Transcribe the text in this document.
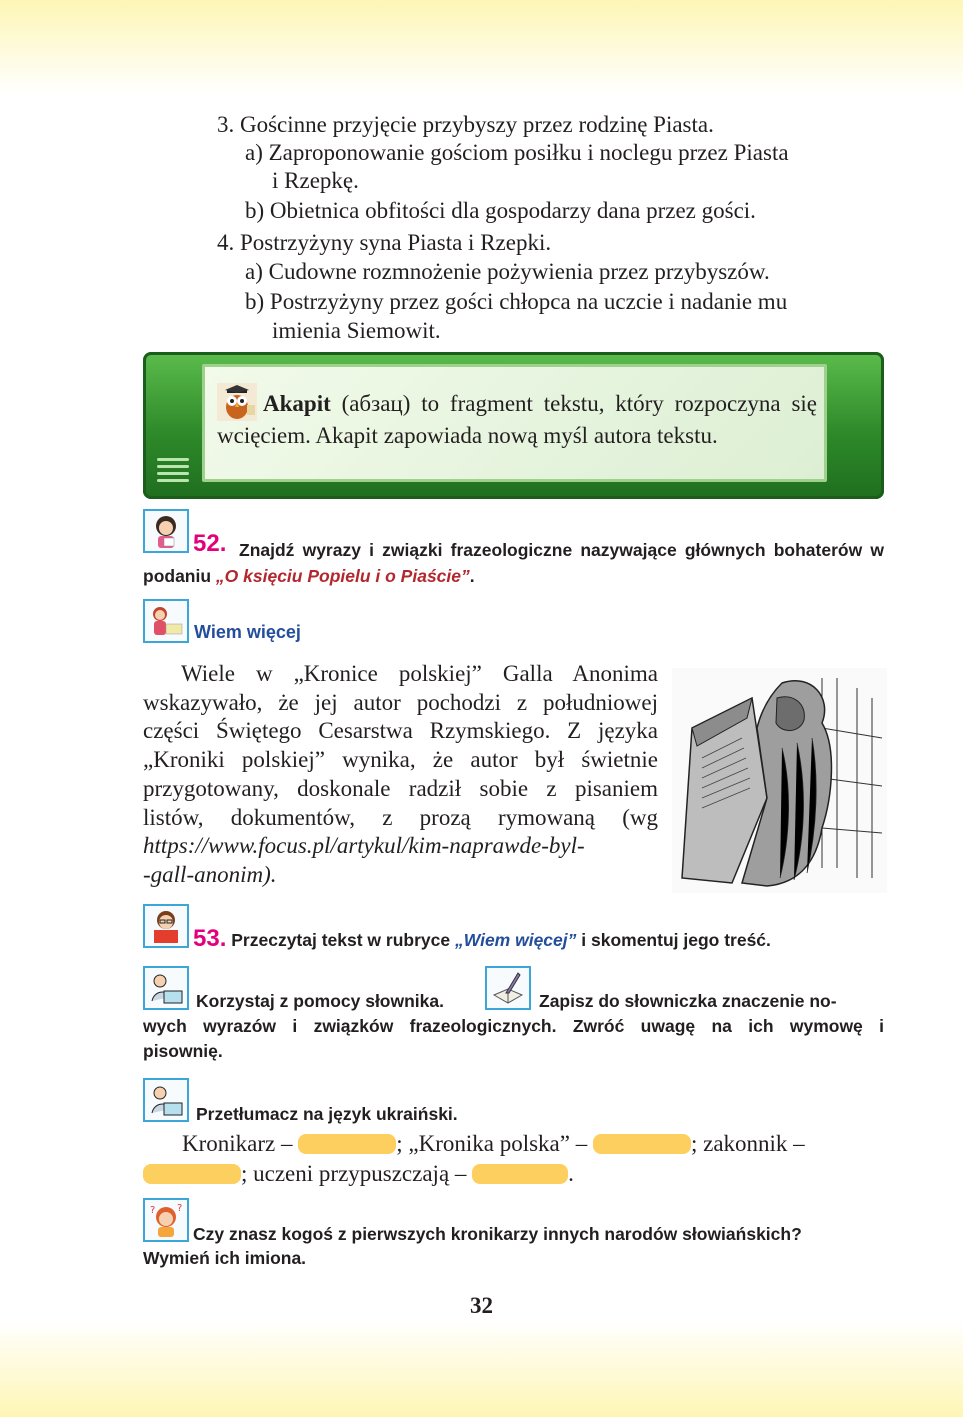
3. Gościnne przyjęcie przybyszy przez rodzinę Piasta.
a) Zaproponowanie gościom posiłku i noclegu przez Piasta
i Rzepkę.
b) Obietnica obfitości dla gospodarzy dana przez gości.
4. Postrzyżyny syna Piasta i Rzepki.
a) Cudowne rozmnożenie pożywienia przez przybyszów.
b) Postrzyżyny przez gości chłopca na uczcie i nadanie mu
imienia Siemowit.
Akapit (абзац) to fragment tekstu, który rozpoczyna się wcięciem. Akapit zapowiada nową myśl autora tekstu.
52. Znajdź wyrazy i związki frazeologiczne nazywające głównych bohaterów w podaniu „O księciu Popielu i o Piaście”.
Wiem więcej
Wiele w „Kronice polskiej” Galla Anonima
wskazywało, że jej autor pochodzi z południowej
części Świętego Cesarstwa Rzymskiego. Z języka
„Kroniki polskiej” wynika, że autor był świetnie
przygotowany, doskonale radził sobie z pisaniem
listów, dokumentów, z prozą rymowaną (wg
https://www.focus.pl/artykul/kim-naprawde-byl-
-gall-anonim).
53. Przeczytaj tekst w rubryce „Wiem więcej” i skomentuj jego treść.
Korzystaj z pomocy słownika.	Zapisz do słowniczka znaczenie no-
wych wyrazów i związków frazeologicznych. Zwróć uwagę na ich wymowę i
pisownię.
Przetłumacz na język ukraiński.
Kronikarz –	; „Kronika polska” –	; zakonnik –
; uczeni przypuszczają –	.
? ?
Czy znasz kogoś z pierwszych kronikarzy innych narodów słowiańskich?
Wymień ich imiona.
32
